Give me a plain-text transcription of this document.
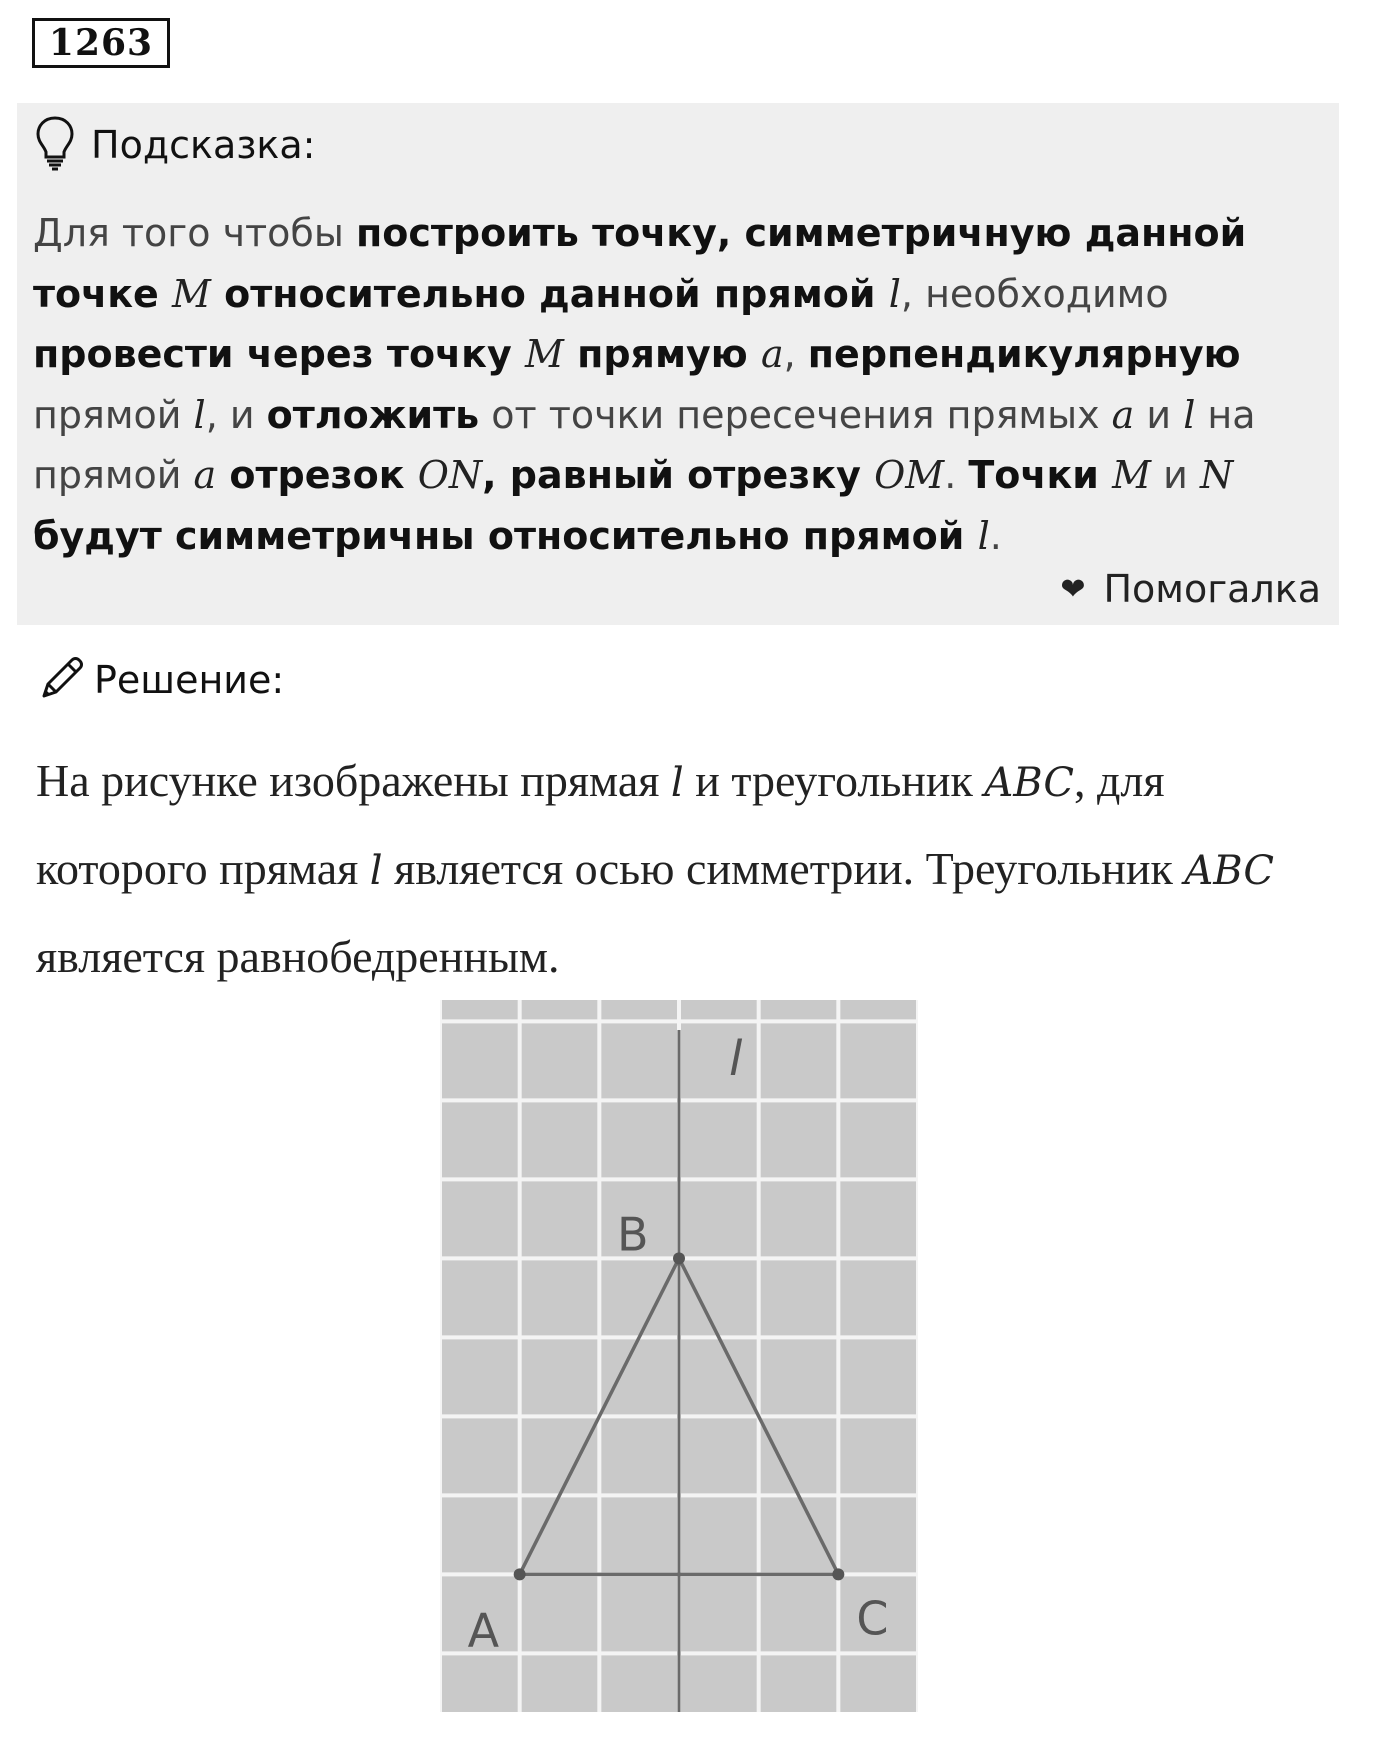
1263
Подсказка:
Для того чтобы построить точку, симметричную данной точке M относительно данной прямой l, необходимо провести через точку M прямую a, перпендикулярную прямой l, и отложить от точки пересечения прямых a и l на прямой a отрезок ON, равный отрезку OM. Точки M и N будут симметричны относительно прямой l.
❤ Помогалка
Решение:
На рисунке изображены прямая l и треугольник ABC, для которого прямая l является осью симметрии. Треугольник ABC является равнобедренным.
l
A
B
C
